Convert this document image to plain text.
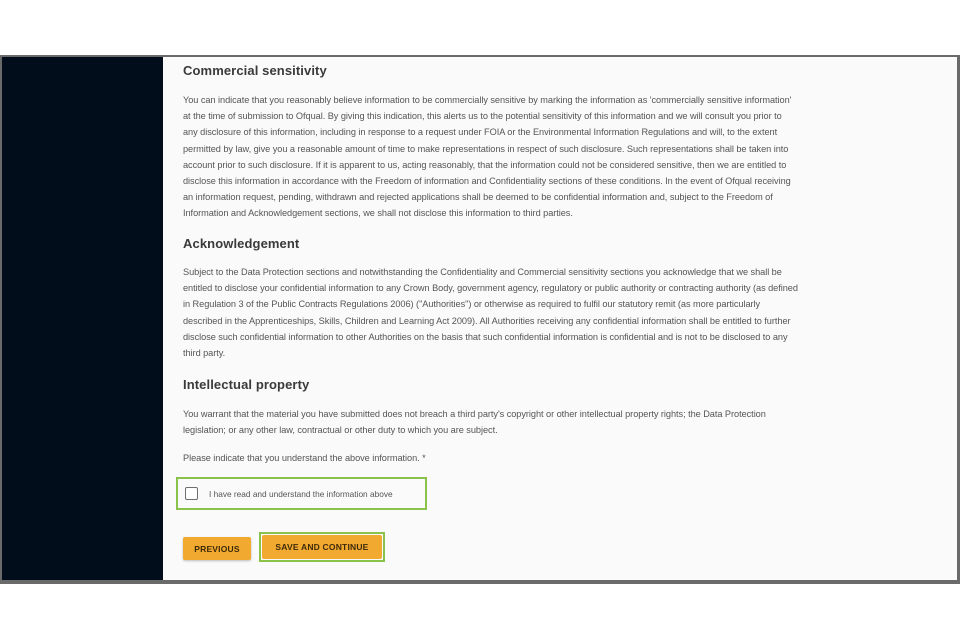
Commercial sensitivity
You can indicate that you reasonably believe information to be commercially sensitive by marking the information as 'commercially sensitive information'
at the time of submission to Ofqual. By giving this indication, this alerts us to the potential sensitivity of this information and we will consult you prior to
any disclosure of this information, including in response to a request under FOIA or the Environmental Information Regulations and will, to the extent
permitted by law, give you a reasonable amount of time to make representations in respect of such disclosure. Such representations shall be taken into
account prior to such disclosure. If it is apparent to us, acting reasonably, that the information could not be considered sensitive, then we are entitled to
disclose this information in accordance with the Freedom of information and Confidentiality sections of these conditions. In the event of Ofqual receiving
an information request, pending, withdrawn and rejected applications shall be deemed to be confidential information and, subject to the Freedom of
Information and Acknowledgement sections, we shall not disclose this information to third parties.
Acknowledgement
Subject to the Data Protection sections and notwithstanding the Confidentiality and Commercial sensitivity sections you acknowledge that we shall be
entitled to disclose your confidential information to any Crown Body, government agency, regulatory or public authority or contracting authority (as defined
in Regulation 3 of the Public Contracts Regulations 2006) ("Authorities") or otherwise as required to fulfil our statutory remit (as more particularly
described in the Apprenticeships, Skills, Children and Learning Act 2009). All Authorities receiving any confidential information shall be entitled to further
disclose such confidential information to other Authorities on the basis that such confidential information is confidential and is not to be disclosed to any
third party.
Intellectual property
You warrant that the material you have submitted does not breach a third party's copyright or other intellectual property rights; the Data Protection
legislation; or any other law, contractual or other duty to which you are subject.
Please indicate that you understand the above information. *
I have read and understand the information above
PREVIOUS	SAVE AND CONTINUE
